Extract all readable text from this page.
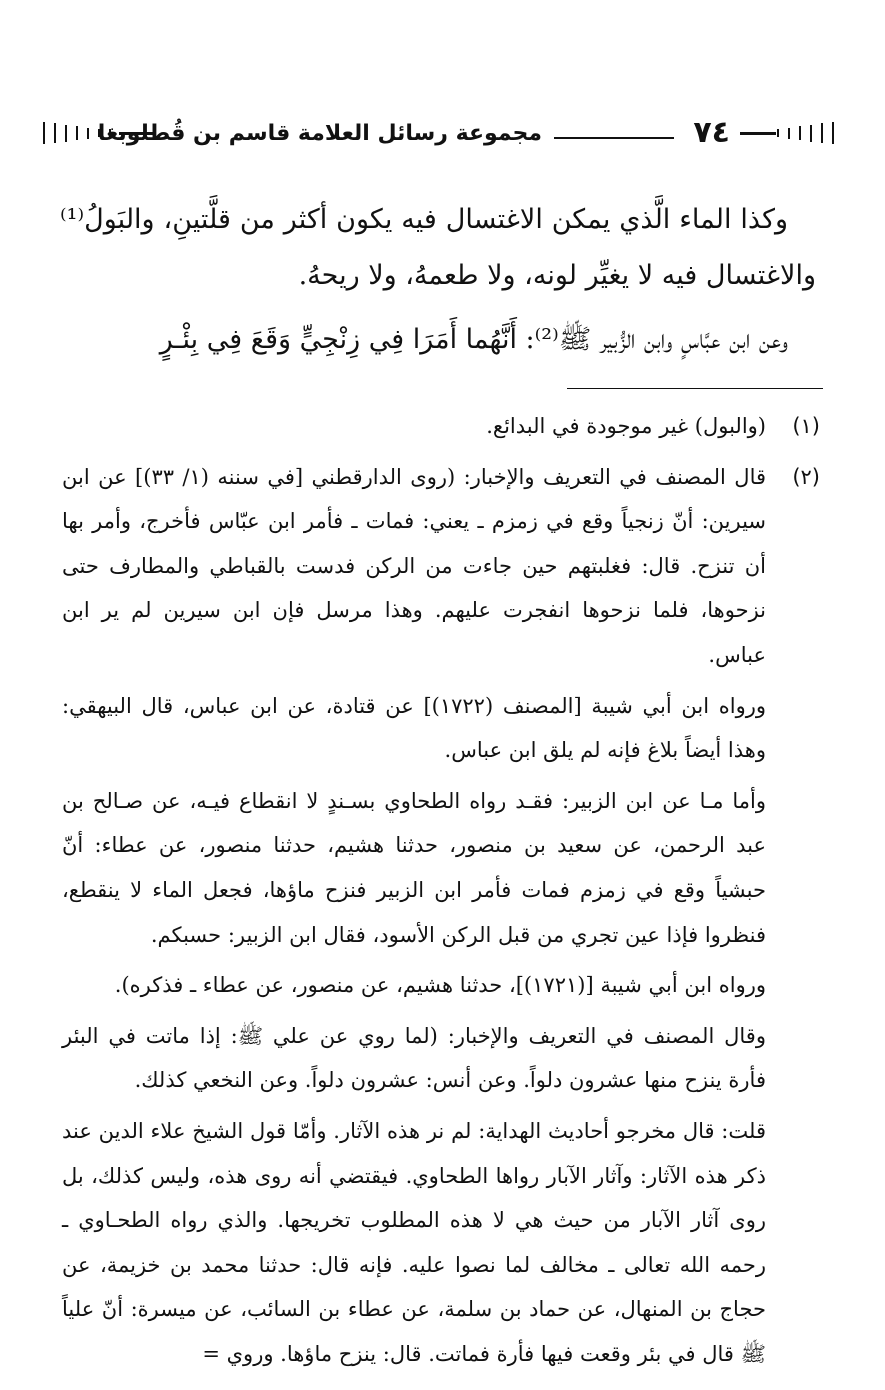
٧٤
مجموعة رسائل العلامة قاسم بن قُطلوبغا

وكذا الماء الَّذي يمكن الاغتسال فيه يكون أكثر من قلَّتينِ، والبَولُ⁽¹⁾ والاغتسال فيه لا يغيِّر لونه، ولا طعمهُ، ولا ريحهُ.

وعن ابن عبَّاسٍ وابن الزُّبير ﷺ⁽²⁾: أَنَّهُما أَمَرَا فِي زِنْجِيٍّ وَقَعَ فِي بِئْـرٍ

(١)

(والبول) غير موجودة في البدائع.

(٢)

قال المصنف في التعريف والإخبار: (روى الدارقطني [في سننه (١/ ٣٣)] عن ابن سيرين: أنّ زنجياً وقع في زمزم ـ يعني: فمات ـ فأمر ابن عبّاس فأخرج، وأمر بها أن تنزح. قال: فغلبتهم حين جاءت من الركن فدست بالقباطي والمطارف حتى نزحوها، فلما نزحوها انفجرت عليهم. وهذا مرسل فإن ابن سيرين لم ير ابن عباس.

ورواه ابن أبي شيبة [المصنف (١٧٢٢)] عن قتادة، عن ابن عباس، قال البيهقي: وهذا أيضاً بلاغ فإنه لم يلق ابن عباس.

وأما مـا عن ابن الزبير: فقـد رواه الطحاوي بسـندٍ لا انقطاع فيـه، عن صـالح بن عبد الرحمن، عن سعيد بن منصور، حدثنا هشيم، حدثنا منصور، عن عطاء: أنّ حبشياً وقع في زمزم فمات فأمر ابن الزبير فنزح ماؤها، فجعل الماء لا ينقطع، فنظروا فإذا عين تجري من قبل الركن الأسود، فقال ابن الزبير: حسبكم.

ورواه ابن أبي شيبة [(١٧٢١)]، حدثنا هشيم، عن منصور، عن عطاء ـ فذكره).

وقال المصنف في التعريف والإخبار: (لما روي عن علي ﷺ: إذا ماتت في البئر فأرة ينزح منها عشرون دلواً. وعن أنس: عشرون دلواً. وعن النخعي كذلك.

قلت: قال مخرجو أحاديث الهداية: لم نر هذه الآثار. وأمّا قول الشيخ علاء الدين عند ذكر هذه الآثار: وآثار الآبار رواها الطحاوي. فيقتضي أنه روى هذه، وليس كذلك، بل روى آثار الآبار من حيث هي لا هذه المطلوب تخريجها. والذي رواه الطحـاوي ـ رحمه الله تعالى ـ مخالف لما نصوا عليه. فإنه قال: حدثنا محمد بن خزيمة، عن حجاج بن المنهال، عن حماد بن سلمة، عن عطاء بن السائب، عن ميسرة: أنّ علياً ﷺ قال في بئر وقعت فيها فأرة فماتت. قال: ينزح ماؤها. وروي =
